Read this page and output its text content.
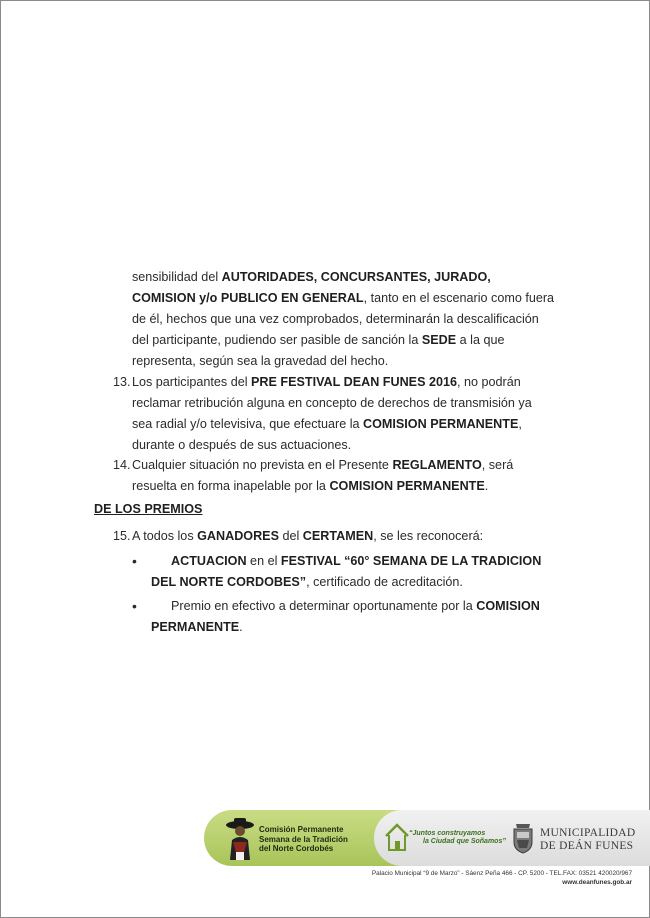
sensibilidad del AUTORIDADES, CONCURSANTES, JURADO,
COMISION y/o PUBLICO EN GENERAL, tanto en el escenario como fuera
de él, hechos que una vez comprobados, determinarán la descalificación
del participante, pudiendo ser pasible de sanción la SEDE a la que
representa, según sea la gravedad del hecho.
13. Los participantes del PRE FESTIVAL DEAN FUNES 2016, no podrán
reclamar retribución alguna en concepto de derechos de transmisión ya
sea radial y/o televisiva, que efectuare la COMISION PERMANENTE,
durante o después de sus actuaciones.
14. Cualquier situación no prevista en el Presente REGLAMENTO, será
resuelta en forma inapelable por la COMISION PERMANENTE.
DE LOS PREMIOS
15. A todos los GANADORES del CERTAMEN, se les reconocerá:
•	ACTUACION en el FESTIVAL “60° SEMANA DE LA TRADICION
DEL NORTE CORDOBES”, certificado de acreditación.
•	Premio en efectivo a determinar oportunamente por la COMISION
PERMANENTE.
Comisión Permanente
Semana de la Tradición
del Norte Cordobés
“Juntos construyamos
la Ciudad que Soñamos”
MUNICIPALIDAD
DE DEÁN FUNES
Palacio Municipal “9 de Marzo” - Sáenz Peña 466 - CP. 5200 - TEL.FAX: 03521 420020/967
www.deanfunes.gob.ar
